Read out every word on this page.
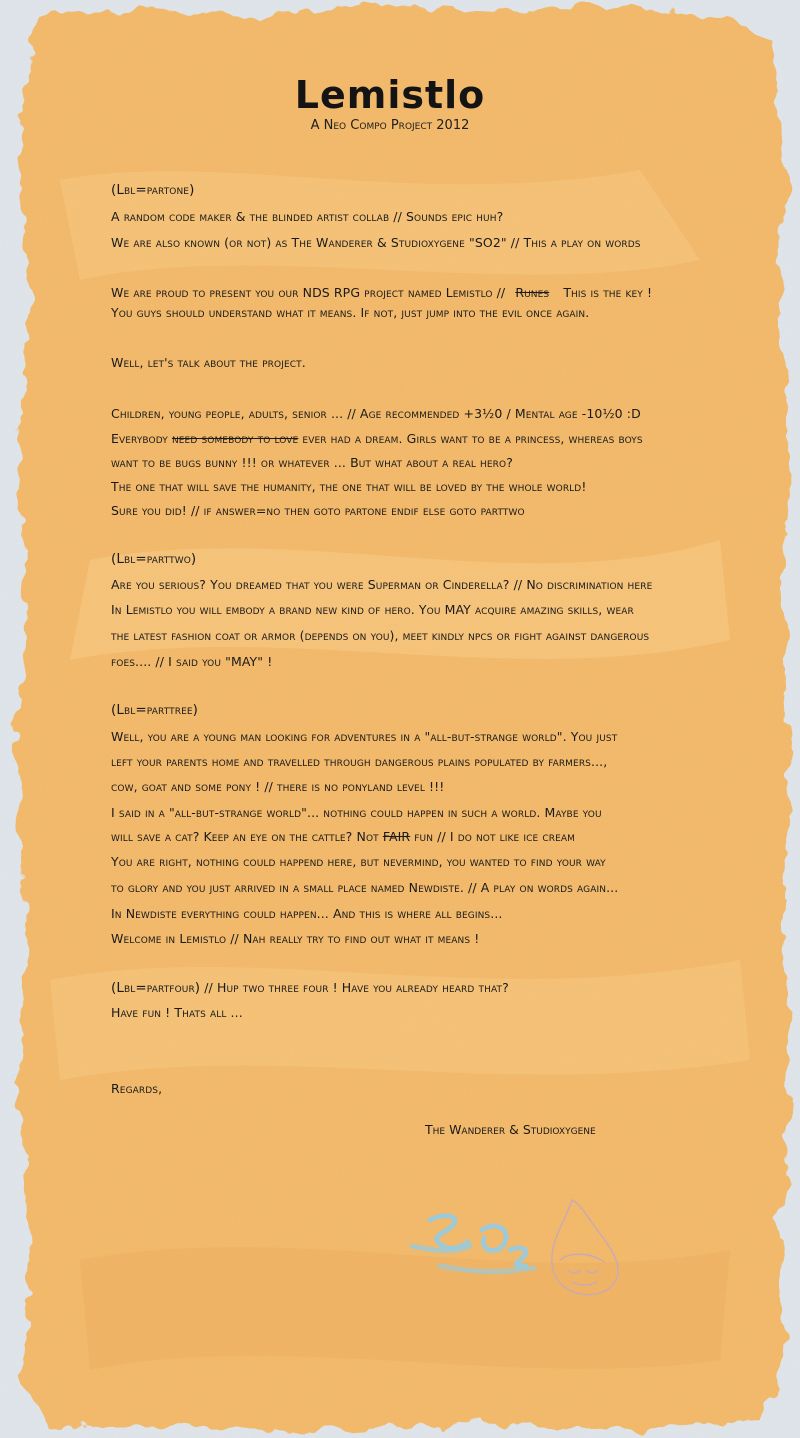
Lemistlo
A Neo Compo Project 2012
(Lbl=partone)
A random code maker & the blinded artist collab // Sounds epic huh?
We are also known (or not) as The Wanderer & Studioxygene "SO2" // This a play on words
We are proud to present you our NDS RPG project named Lemistlo // Runes This is the key !
You guys should understand what it means. If not, just jump into the evil once again.
Well, let's talk about the project.
Children, young people, adults, senior ... // Age recommended +3½0 / Mental age -10½0 :D
Everybody need somebody to love ever had a dream. Girls want to be a princess, whereas boys
want to be bugs bunny !!! or whatever ... But what about a real hero?
The one that will save the humanity, the one that will be loved by the whole world!
Sure you did! // if answer=no then goto partone endif else goto parttwo
(Lbl=parttwo)
Are you serious? You dreamed that you were Superman or Cinderella? // No discrimination here
In Lemistlo you will embody a brand new kind of hero. You MAY acquire amazing skills, wear
the latest fashion coat or armor (depends on you), meet kindly npcs or fight against dangerous
foes.... // I said you "MAY" !
(Lbl=parttree)
Well, you are a young man looking for adventures in a "all-but-strange world". You just
left your parents home and travelled through dangerous plains populated by farmers...,
cow, goat and some pony ! // there is no ponyland level !!!
I said in a "all-but-strange world"... nothing could happen in such a world. Maybe you
will save a cat? Keep an eye on the cattle? Not FAIR fun // I do not like ice cream
You are right, nothing could happend here, but nevermind, you wanted to find your way
to glory and you just arrived in a small place named Newdiste. // A play on words again...
In Newdiste everything could happen... And this is where all begins...
Welcome in Lemistlo // Nah really try to find out what it means !
(Lbl=partfour) // Hup two three four ! Have you already heard that?
Have fun ! Thats all ...
Regards,
The Wanderer & Studioxygene
